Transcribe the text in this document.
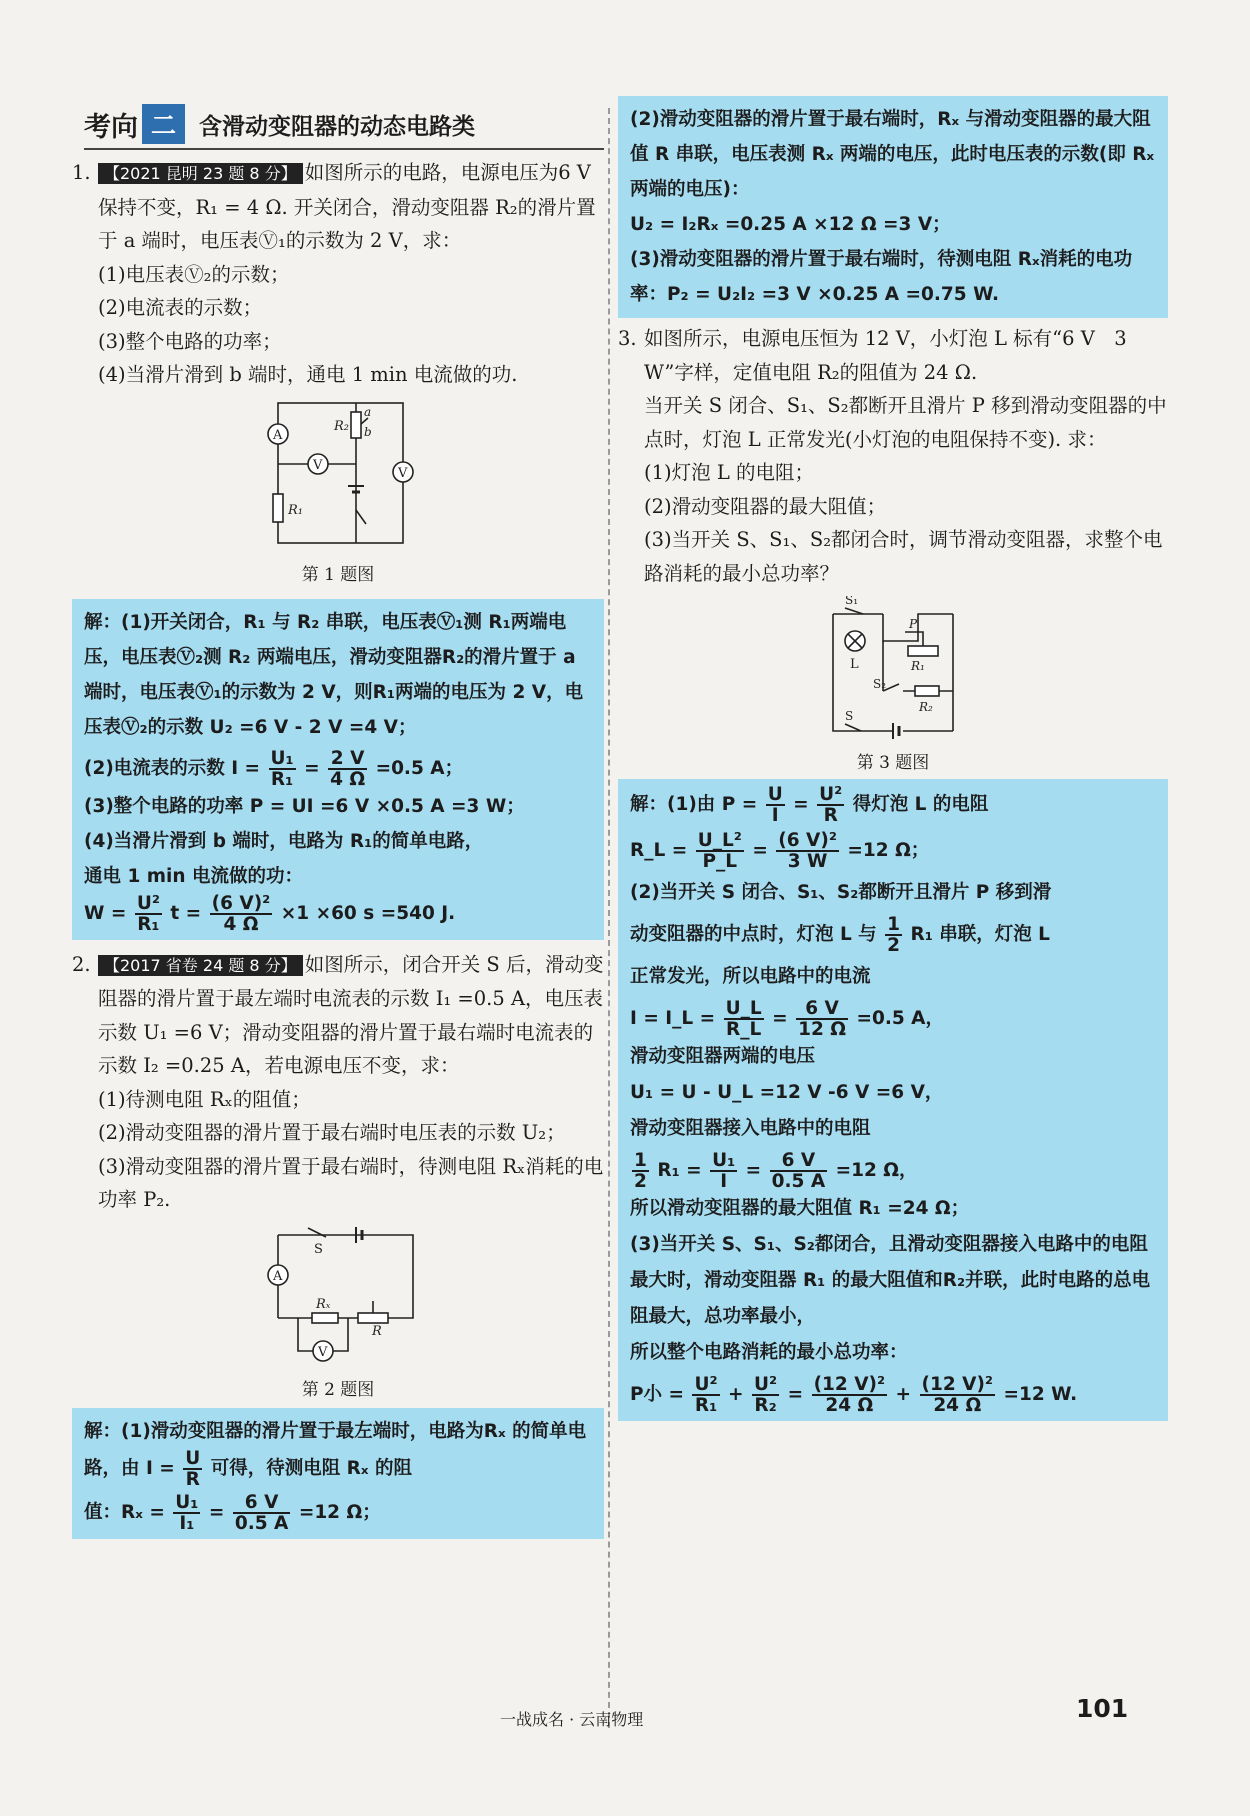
考向 二	含滑动变阻器的动态电路类

1. 【2021 昆明 23 题 8 分】 如图所示的电路，电源电压为6 V保持不变，R₁ = 4 Ω. 开关闭合，滑动变阻器 R₂的滑片置于 a 端时，电压表Ⓥ₁的示数为 2 V，求：

(1)电压表Ⓥ₂的示数；

(2)电流表的示数；

(3)整个电路的功率；

(4)当滑片滑到 b 端时，通电 1 min 电流做的功.

A
V
R₂
a
b
V
R₁
第 1 题图

解：(1)开关闭合，R₁ 与 R₂ 串联，电压表Ⓥ₁测 R₁两端电压，电压表Ⓥ₂测 R₂ 两端电压，滑动变阻器R₂的滑片置于 a 端时，电压表Ⓥ₁的示数为 2 V，则R₁两端的电压为 2 V，电压表Ⓥ₂的示数 U₂ =6 V - 2 V =4 V；

(2)电流表的示数 $I = \frac{\text{U₁}}{\text{R₁}} = \frac{2 V}{4 \Omega} =0.5$ A；

(3)整个电路的功率 P = UI =6 V ×0.5 A =3 W；

(4)当滑片滑到 b 端时，电路为 R₁的简单电路，

通电 1 min 电流做的功：

$W = \frac{\text{U²}}{\text{R₁}}$ $t = \frac{\text{(6 V)²}}{4 \Omega} \times 1 \times 60$ s =540 J.

2. 【2017 省卷 24 题 8 分】 如图所示，闭合开关 S 后，滑动变阻器的滑片置于最左端时电流表的示数 I₁ =0.5 A，电压表示数 U₁ =6 V；滑动变阻器的滑片置于最右端时电流表的示数 I₂ =0.25 A，若电源电压不变，求：

(1)待测电阻 Rₓ的阻值；

(2)滑动变阻器的滑片置于最右端时电压表的示数 U₂；

(3)滑动变阻器的滑片置于最右端时，待测电阻 Rₓ消耗的电功率 P₂.

S
A
Rₓ
R
V
第 2 题图

解：(1)滑动变阻器的滑片置于最左端时，电路为Rₓ 的简单电路，由 $I = \frac{U}{R}$ 可得，待测电阻 Rₓ 的阻

值：$R_x = \frac{\text{U₁}}{\text{I₁}} = \frac{6 V}{0.5 A} =12$ Ω；

(2)滑动变阻器的滑片置于最右端时，Rₓ 与滑动变阻器的最大阻值 R 串联，电压表测 Rₓ 两端的电压，此时电压表的示数(即 Rₓ 两端的电压)：

U₂ = I₂Rₓ =0.25 A ×12 Ω =3 V；

(3)滑动变阻器的滑片置于最右端时，待测电阻 Rₓ消耗的电功率：P₂ = U₂I₂ =3 V ×0.25 A =0.75 W.

3. 如图所示，电源电压恒为 12 V，小灯泡 L 标有“6 V　3 W”字样，定值电阻 R₂的阻值为 24 Ω.

当开关 S 闭合、S₁、S₂都断开且滑片 P 移到滑动变阻器的中点时，灯泡 L 正常发光(小灯泡的电阻保持不变). 求：

(1)灯泡 L 的电阻；

(2)滑动变阻器的最大阻值；

(3)当开关 S、S₁、S₂都闭合时，调节滑动变阻器，求整个电路消耗的最小总功率？

S₁
L	R₁
P
S₂
R₂
S
第 3 题图

解：(1)由 $P = \frac{U}{I} = \frac{\text{U²}}{R}$ 得灯泡 L 的电阻

R_L = $\frac{\text{U\_L²}}{P\_L} = \frac{\text{(6 V)²}}{3 W} =12$ Ω；

(2)当开关 S 闭合、S₁、S₂都断开且滑片 P 移到滑

动变阻器的中点时，灯泡 L 与 $\frac{1}{2} R_1$ 串联，灯泡 L

正常发光，所以电路中的电流

I = I_L = $\frac{U\_L}{R\_L} = \frac{6 V}{12 \Omega} =0.5$ A，

滑动变阻器两端的电压

U₁ = U - U_L =12 V -6 V =6 V，

滑动变阻器接入电路中的电阻

$\frac{1}{2} R_1 = \frac{\text{U₁}}{I} = \frac{6 V}{0.5 A} =12$ Ω，

所以滑动变阻器的最大阻值 R₁ =24 Ω；

(3)当开关 S、S₁、S₂都闭合，且滑动变阻器接入电路中的电阻最大时，滑动变阻器 R₁ 的最大阻值和R₂并联，此时电路的总电阻最大，总功率最小，

所以整个电路消耗的最小总功率：

P小 = $\frac{\text{U²}}{\text{R₁}} + \frac{\text{U²}}{\text{R₂}} = \frac{\text{(12 V)²}}{24 \Omega} + \frac{\text{(12 V)²}}{24 \Omega} =12$ W.

一战成名 · 云南物理	101
